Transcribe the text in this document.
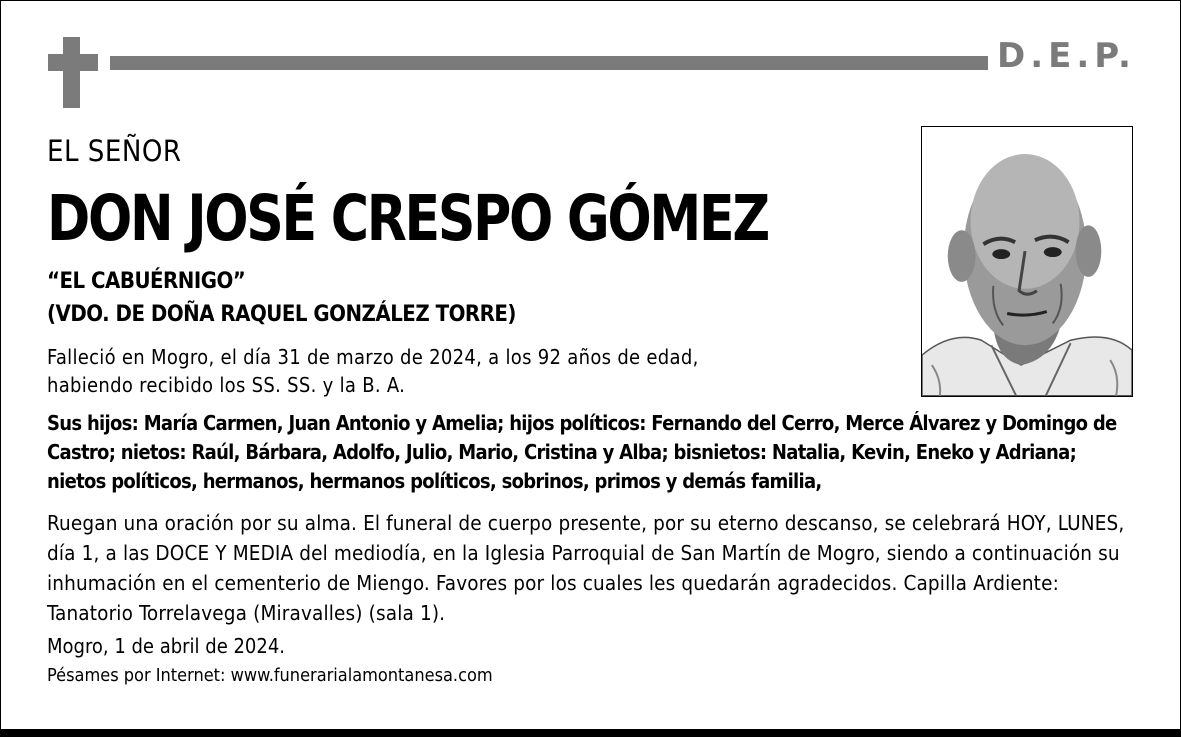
D.E.P.
EL SEÑOR
DON JOSÉ CRESPO GÓMEZ
“EL CABUÉRNIGO”
(VDO. DE DOÑA RAQUEL GONZÁLEZ TORRE)
Falleció en Mogro, el día 31 de marzo de 2024, a los 92 años de edad,
habiendo recibido los SS. SS. y la B. A.
Sus hijos: María Carmen, Juan Antonio y Amelia; hijos políticos: Fernando del Cerro, Merce Álvarez y Domingo de Castro; nietos: Raúl, Bárbara, Adolfo, Julio, Mario, Cristina y Alba; bisnietos: Natalia, Kevin, Eneko y Adriana; nietos políticos, hermanos, hermanos políticos, sobrinos, primos y demás familia,
Ruegan una oración por su alma. El funeral de cuerpo presente, por su eterno descanso, se celebrará HOY, LUNES, día 1, a las DOCE Y MEDIA del mediodía, en la Iglesia Parroquial de San Martín de Mogro, siendo a continuación su inhumación en el cementerio de Miengo. Favores por los cuales les quedarán agradecidos. Capilla Ardiente: Tanatorio Torrelavega (Miravalles) (sala 1).
Mogro, 1 de abril de 2024.
Pésames por Internet: www.funerarialamontanesa.com
